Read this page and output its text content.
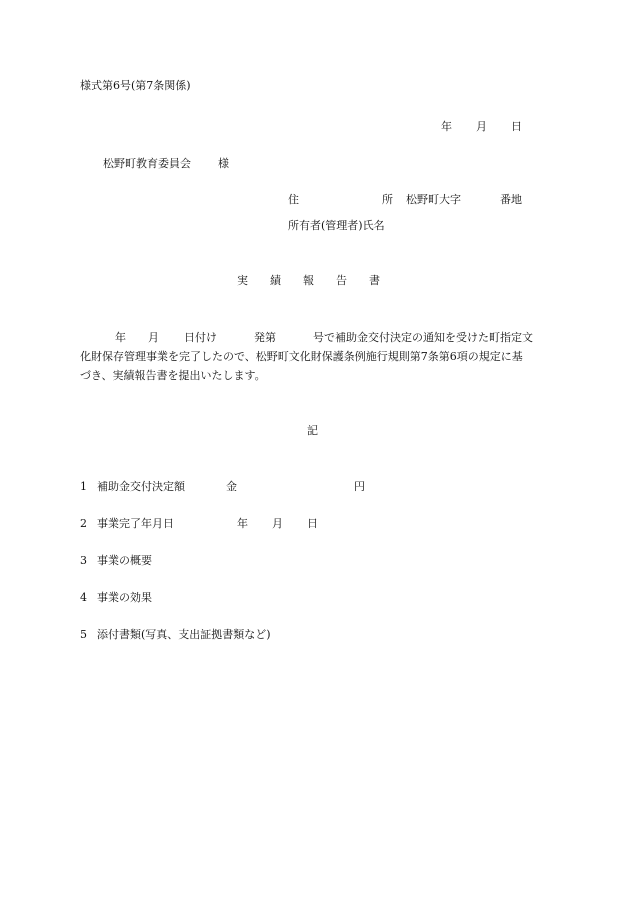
様式第6号(第7条関係)
年 月 日
松野町教育委員会 様
住	所 松野町大字	番地
所有者(管理者)氏名
実　　績　　報　　告　　書
年 月 日付け	発第	号で補助金交付決定の通知を受けた町指定文
化財保存管理事業を完了したので、松野町文化財保護条例施行規則第7条第6項の規定に基
づき、実績報告書を提出いたします。
記
1 補助金交付決定額	金	円
2 事業完了年月日	年 月 日
3 事業の概要
4 事業の効果
5 添付書類(写真、支出証拠書類など)
